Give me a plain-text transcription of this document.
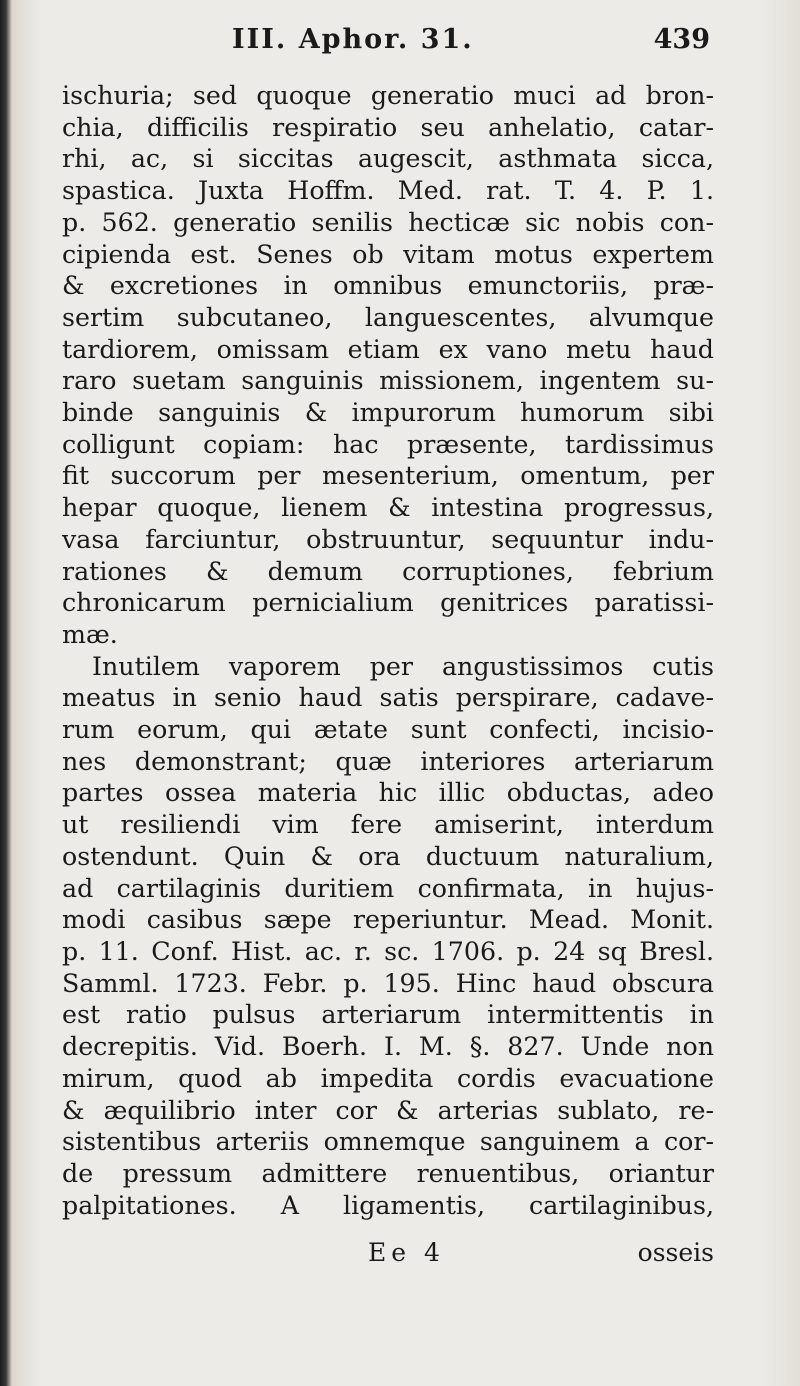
III. Aphor. 31.	439
ischuria; sed quoque generatio muci ad bron-
chia, difficilis respiratio seu anhelatio, catar-
rhi, ac, si siccitas augescit, asthmata sicca,
spastica. Juxta Hoffm. Med. rat. T. 4. P. 1.
p. 562. generatio senilis hecticæ sic nobis con-
cipienda est. Senes ob vitam motus expertem
& excretiones in omnibus emunctoriis, præ-
sertim subcutaneo, languescentes, alvumque
tardiorem, omissam etiam ex vano metu haud
raro suetam sanguinis missionem, ingentem su-
binde sanguinis & impurorum humorum sibi
colligunt copiam: hac præsente, tardissimus
fit succorum per mesenterium, omentum, per
hepar quoque, lienem & intestina progressus,
vasa farciuntur, obstruuntur, sequuntur indu-
rationes & demum corruptiones, febrium
chronicarum pernicialium genitrices paratissi-
mæ.
Inutilem vaporem per angustissimos cutis
meatus in senio haud satis perspirare, cadave-
rum eorum, qui ætate sunt confecti, incisio-
nes demonstrant; quæ interiores arteriarum
partes ossea materia hic illic obductas, adeo
ut resiliendi vim fere amiserint, interdum
ostendunt. Quin & ora ductuum naturalium,
ad cartilaginis duritiem confirmata, in hujus-
modi casibus sæpe reperiuntur. Mead. Monit.
p. 11. Conf. Hist. ac. r. sc. 1706. p. 24 sq Bresl.
Samml. 1723. Febr. p. 195. Hinc haud obscura
est ratio pulsus arteriarum intermittentis in
decrepitis. Vid. Boerh. I. M. §. 827. Unde non
mirum, quod ab impedita cordis evacuatione
& æquilibrio inter cor & arterias sublato, re-
sistentibus arteriis omnemque sanguinem a cor-
de pressum admittere renuentibus, oriantur
palpitationes. A ligamentis, cartilaginibus,
Ee 4	osseis
